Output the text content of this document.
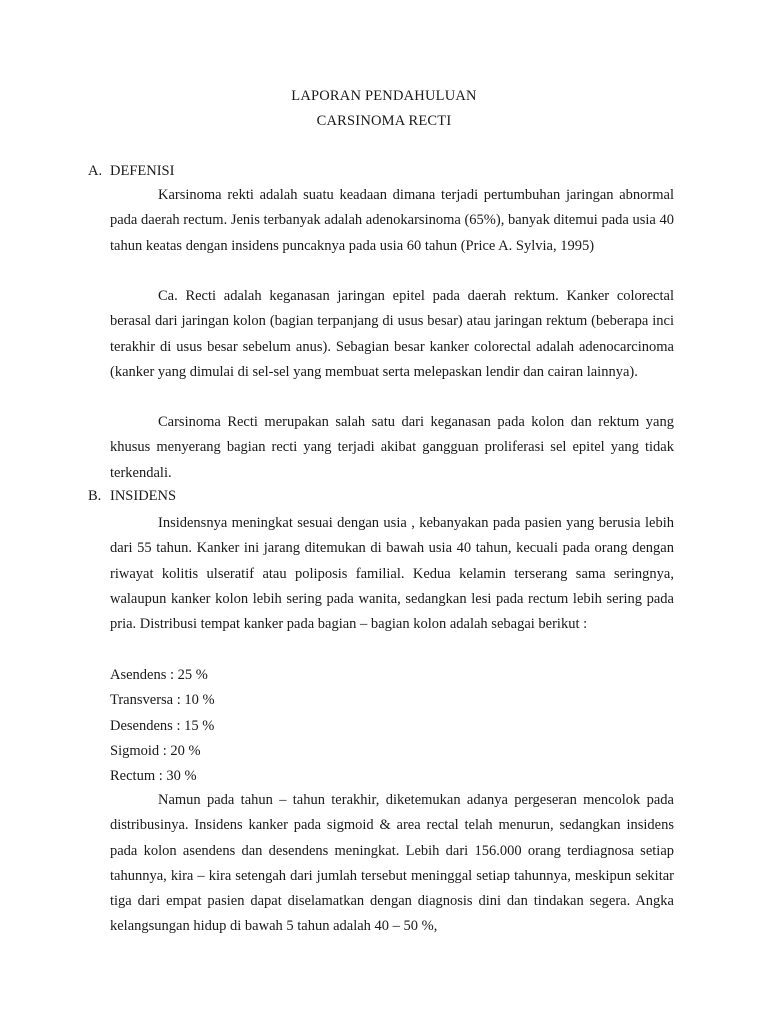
LAPORAN PENDAHULUAN
CARSINOMA RECTI
A. DEFENISI

Karsinoma rekti adalah suatu keadaan dimana terjadi pertumbuhan jaringan abnormal pada daerah rectum. Jenis terbanyak adalah adenokarsinoma (65%), banyak ditemui pada usia 40 tahun keatas dengan insidens puncaknya pada usia 60 tahun (Price A. Sylvia, 1995)

Ca. Recti adalah keganasan jaringan epitel pada daerah rektum. Kanker colorectal berasal dari jaringan kolon (bagian terpanjang di usus besar) atau jaringan rektum (beberapa inci terakhir di usus besar sebelum anus). Sebagian besar kanker colorectal adalah adenocarcinoma (kanker yang dimulai di sel-sel yang membuat serta melepaskan lendir dan cairan lainnya).

Carsinoma Recti merupakan salah satu dari keganasan pada kolon dan rektum yang khusus menyerang bagian recti yang terjadi akibat gangguan proliferasi sel epitel yang tidak terkendali.

B. INSIDENS

Insidensnya meningkat sesuai dengan usia , kebanyakan pada pasien yang berusia lebih dari 55 tahun. Kanker ini jarang ditemukan di bawah usia 40 tahun, kecuali pada orang dengan riwayat kolitis ulseratif atau poliposis familial. Kedua kelamin terserang sama seringnya, walaupun kanker kolon lebih sering pada wanita, sedangkan lesi pada rectum lebih sering pada pria. Distribusi tempat kanker pada bagian – bagian kolon adalah sebagai berikut :

Asendens : 25 %
Transversa : 10 %
Desendens : 15 %
Sigmoid : 20 %
Rectum : 30 %

Namun pada tahun – tahun terakhir, diketemukan adanya pergeseran mencolok pada distribusinya. Insidens kanker pada sigmoid & area rectal telah menurun, sedangkan insidens pada kolon asendens dan desendens meningkat. Lebih dari 156.000 orang terdiagnosa setiap tahunnya, kira – kira setengah dari jumlah tersebut meninggal setiap tahunnya, meskipun sekitar tiga dari empat pasien dapat diselamatkan dengan diagnosis dini dan tindakan segera. Angka kelangsungan hidup di bawah 5 tahun adalah 40 – 50 %,
